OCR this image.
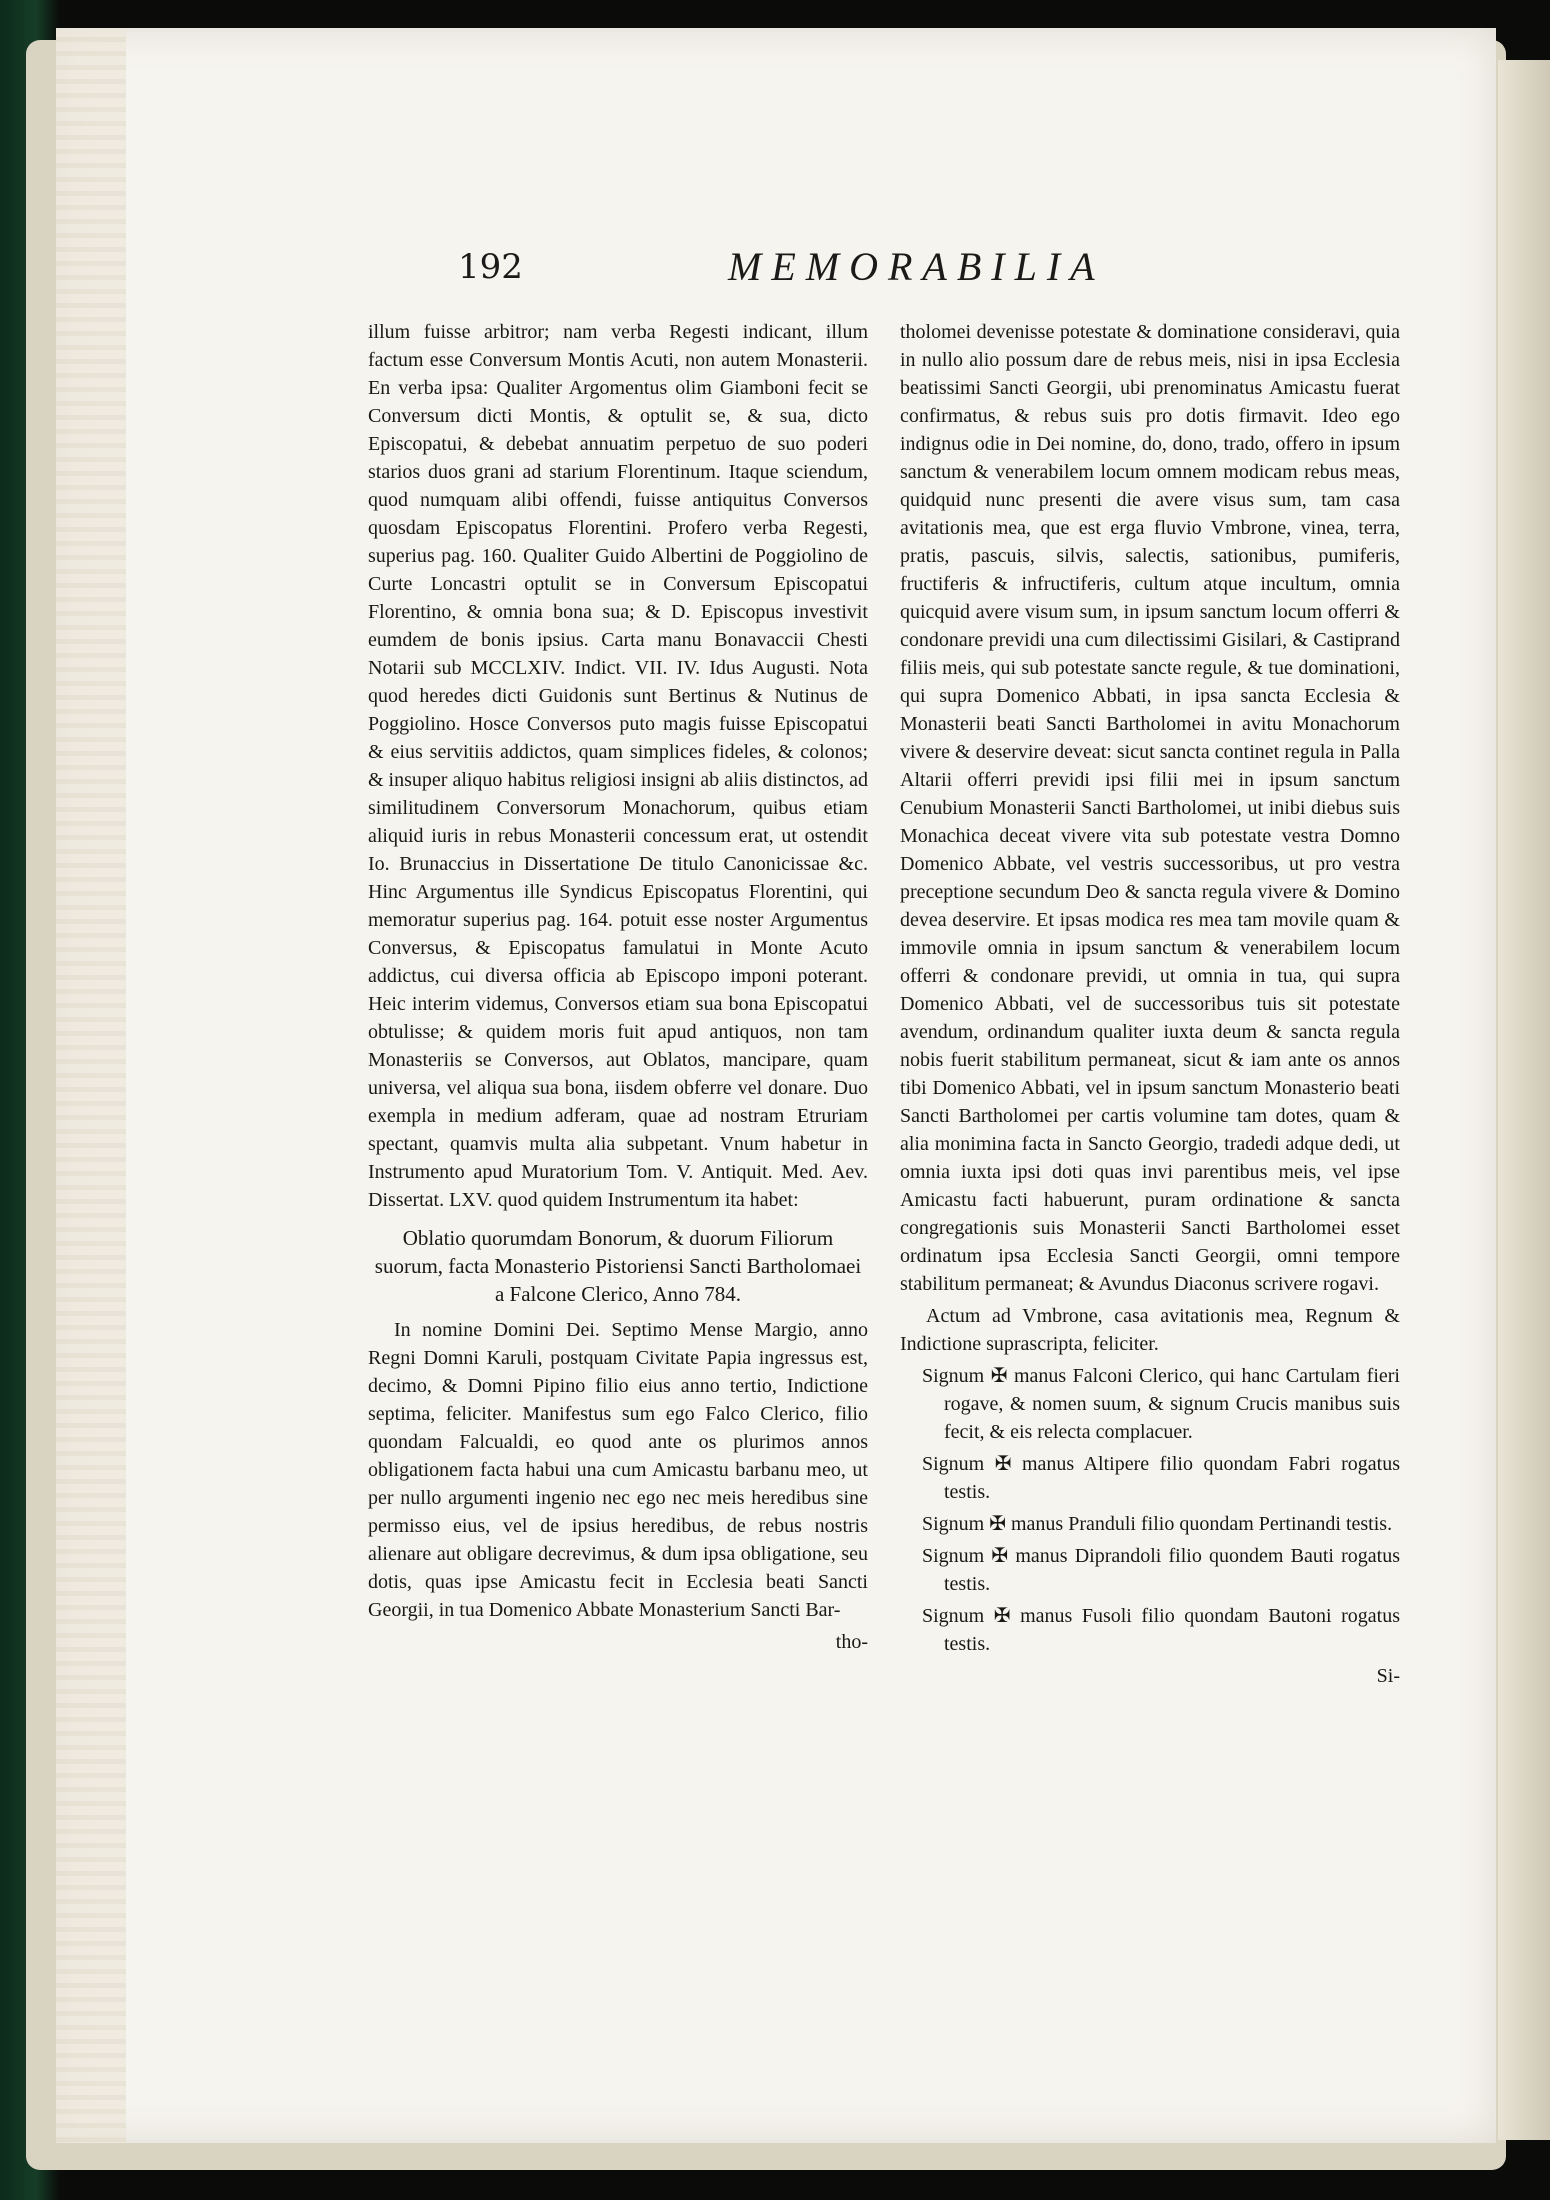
192	MEMORABILIA

illum fuisse arbitror; nam verba Regesti indicant, illum factum esse Conversum Montis Acuti, non autem Monasterii. En verba ipsa: Qualiter Argomentus olim Giamboni fecit se Conversum dicti Montis, & optulit se, & sua, dicto Episcopatui, & debebat annuatim perpetuo de suo poderi starios duos grani ad starium Florentinum. Itaque sciendum, quod numquam alibi offendi, fuisse antiquitus Conversos quosdam Episcopatus Florentini. Profero verba Regesti, superius pag. 160. Qualiter Guido Albertini de Poggiolino de Curte Loncastri optulit se in Conversum Episcopatui Florentino, & omnia bona sua; & D. Episcopus investivit eumdem de bonis ipsius. Carta manu Bonavaccii Chesti Notarii sub MCCLXIV. Indict. VII. IV. Idus Augusti. Nota quod heredes dicti Guidonis sunt Bertinus & Nutinus de Poggiolino. Hosce Conversos puto magis fuisse Episcopatui & eius servitiis addictos, quam simplices fideles, & colonos; & insuper aliquo habitus religiosi insigni ab aliis distinctos, ad similitudinem Conversorum Monachorum, quibus etiam aliquid iuris in rebus Monasterii concessum erat, ut ostendit Io. Brunaccius in Dissertatione De titulo Canonicissae &c. Hinc Argumentus ille Syndicus Episcopatus Florentini, qui memoratur superius pag. 164. potuit esse noster Argumentus Conversus, & Episcopatus famulatui in Monte Acuto addictus, cui diversa officia ab Episcopo imponi poterant. Heic interim videmus, Conversos etiam sua bona Episcopatui obtulisse; & quidem moris fuit apud antiquos, non tam Monasteriis se Conversos, aut Oblatos, mancipare, quam universa, vel aliqua sua bona, iisdem obferre vel donare. Duo exempla in medium adferam, quae ad nostram Etruriam spectant, quamvis multa alia subpetant. Vnum habetur in Instrumento apud Muratorium Tom. V. Antiquit. Med. Aev. Dissertat. LXV. quod quidem Instrumentum ita habet:

Oblatio quorumdam Bonorum, & duorum Filiorum suorum, facta Monasterio Pistoriensi Sancti Bartholomaei a Falcone Clerico, Anno 784.

In nomine Domini Dei. Septimo Mense Margio, anno Regni Domni Karuli, postquam Civitate Papia ingressus est, decimo, & Domni Pipino filio eius anno tertio, Indictione septima, feliciter. Manifestus sum ego Falco Clerico, filio quondam Falcualdi, eo quod ante os plurimos annos obligationem facta habui una cum Amicastu barbanu meo, ut per nullo argumenti ingenio nec ego nec meis heredibus sine permisso eius, vel de ipsius heredibus, de rebus nostris alienare aut obligare decrevimus, & dum ipsa obligatione, seu dotis, quas ipse Amicastu fecit in Ecclesia beati Sancti Georgii, in tua Domenico Abbate Monasterium Sancti Bar-

tho-

tholomei devenisse potestate & dominatione consideravi, quia in nullo alio possum dare de rebus meis, nisi in ipsa Ecclesia beatissimi Sancti Georgii, ubi prenominatus Amicastu fuerat confirmatus, & rebus suis pro dotis firmavit. Ideo ego indignus odie in Dei nomine, do, dono, trado, offero in ipsum sanctum & venerabilem locum omnem modicam rebus meas, quidquid nunc presenti die avere visus sum, tam casa avitationis mea, que est erga fluvio Vmbrone, vinea, terra, pratis, pascuis, silvis, salectis, sationibus, pumiferis, fructiferis & infructiferis, cultum atque incultum, omnia quicquid avere visum sum, in ipsum sanctum locum offerri & condonare previdi una cum dilectissimi Gisilari, & Castiprand filiis meis, qui sub potestate sancte regule, & tue dominationi, qui supra Domenico Abbati, in ipsa sancta Ecclesia & Monasterii beati Sancti Bartholomei in avitu Monachorum vivere & deservire deveat: sicut sancta continet regula in Palla Altarii offerri previdi ipsi filii mei in ipsum sanctum Cenubium Monasterii Sancti Bartholomei, ut inibi diebus suis Monachica deceat vivere vita sub potestate vestra Domno Domenico Abbate, vel vestris successoribus, ut pro vestra preceptione secundum Deo & sancta regula vivere & Domino devea deservire. Et ipsas modica res mea tam movile quam & immovile omnia in ipsum sanctum & venerabilem locum offerri & condonare previdi, ut omnia in tua, qui supra Domenico Abbati, vel de successoribus tuis sit potestate avendum, ordinandum qualiter iuxta deum & sancta regula nobis fuerit stabilitum permaneat, sicut & iam ante os annos tibi Domenico Abbati, vel in ipsum sanctum Monasterio beati Sancti Bartholomei per cartis volumine tam dotes, quam & alia monimina facta in Sancto Georgio, tradedi adque dedi, ut omnia iuxta ipsi doti quas invi parentibus meis, vel ipse Amicastu facti habuerunt, puram ordinatione & sancta congregationis suis Monasterii Sancti Bartholomei esset ordinatum ipsa Ecclesia Sancti Georgii, omni tempore stabilitum permaneat; & Avundus Diaconus scrivere rogavi.

Actum ad Vmbrone, casa avitationis mea, Regnum & Indictione suprascripta, feliciter.

Signum ✠ manus Falconi Clerico, qui hanc Cartulam fieri rogave, & nomen suum, & signum Crucis manibus suis fecit, & eis relecta complacuer.

Signum ✠ manus Altipere filio quondam Fabri rogatus testis.

Signum ✠ manus Pranduli filio quondam Pertinandi testis.

Signum ✠ manus Diprandoli filio quondem Bauti rogatus testis.

Signum ✠ manus Fusoli filio quondam Bautoni rogatus testis.

Si-
